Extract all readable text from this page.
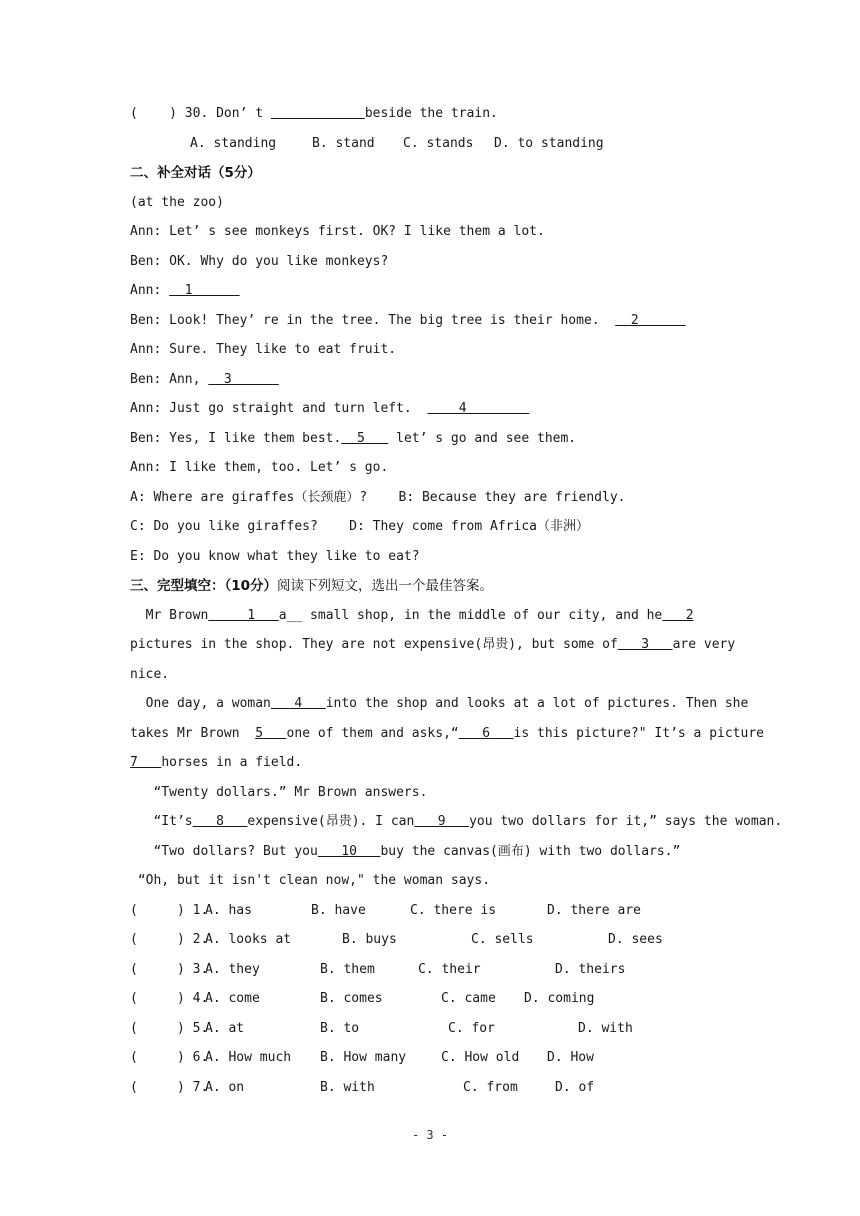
(    ) 30. Don’ t	beside the train.
A. standing	B. stand C. stands D. to standing
二、补全对话（5分）
(at the zoo)
Ann: Let’ s see monkeys first. OK? I like them a lot.
Ben: OK. Why do you like monkeys?
Ann:   1
Ben: Look! They’ re in the tree. The big tree is their home.    2
Ann: Sure. They like to eat fruit.
Ben: Ann,   3
Ann: Just go straight and turn left.      4
Ben: Yes, I like them best.  5    let’ s go and see them.
Ann: I like them, too. Let’ s go.
A: Where are giraffes（长颈鹿）?    B: Because they are friendly.
C: Do you like giraffes?    D: They come from Africa（非洲）
E: Do you know what they like to eat?
三、完型填空：（10分）阅读下列短文，选出一个最佳答案。
Mr Brown     1   a__ small shop, in the middle of our city, and he   2
pictures in the shop. They are not expensive(昂贵), but some of   3   are very
nice.
One day, a woman   4   into the shop and looks at a lot of pictures. Then she
takes Mr Brown  5   one of them and asks,“   6   is this picture?" It’s a picture
7   horses in a field.
“Twenty dollars.” Mr Brown answers.
“It’s   8   expensive(昂贵). I can   9   you two dollars for it,” says the woman.
“Two dollars? But you   10   buy the canvas(画布) with two dollars.”
“Oh, but it isn't clean now," the woman says.
(     ) 1.
A. has	B. have	C. there is	D. there are
(     ) 2.
A. looks at	B. buys	C. sells	D. sees
(     ) 3.
A. they	B. them	C. their	D. theirs
(     ) 4.
A. come	B. comes	C. came D. coming
(     ) 5.
A. at	B. to	C. for	D. with
(     ) 6.
A. How much B. How many	C. How old D. How
(     ) 7.
A. on	B. with	C. from	D. of
- 3 -
